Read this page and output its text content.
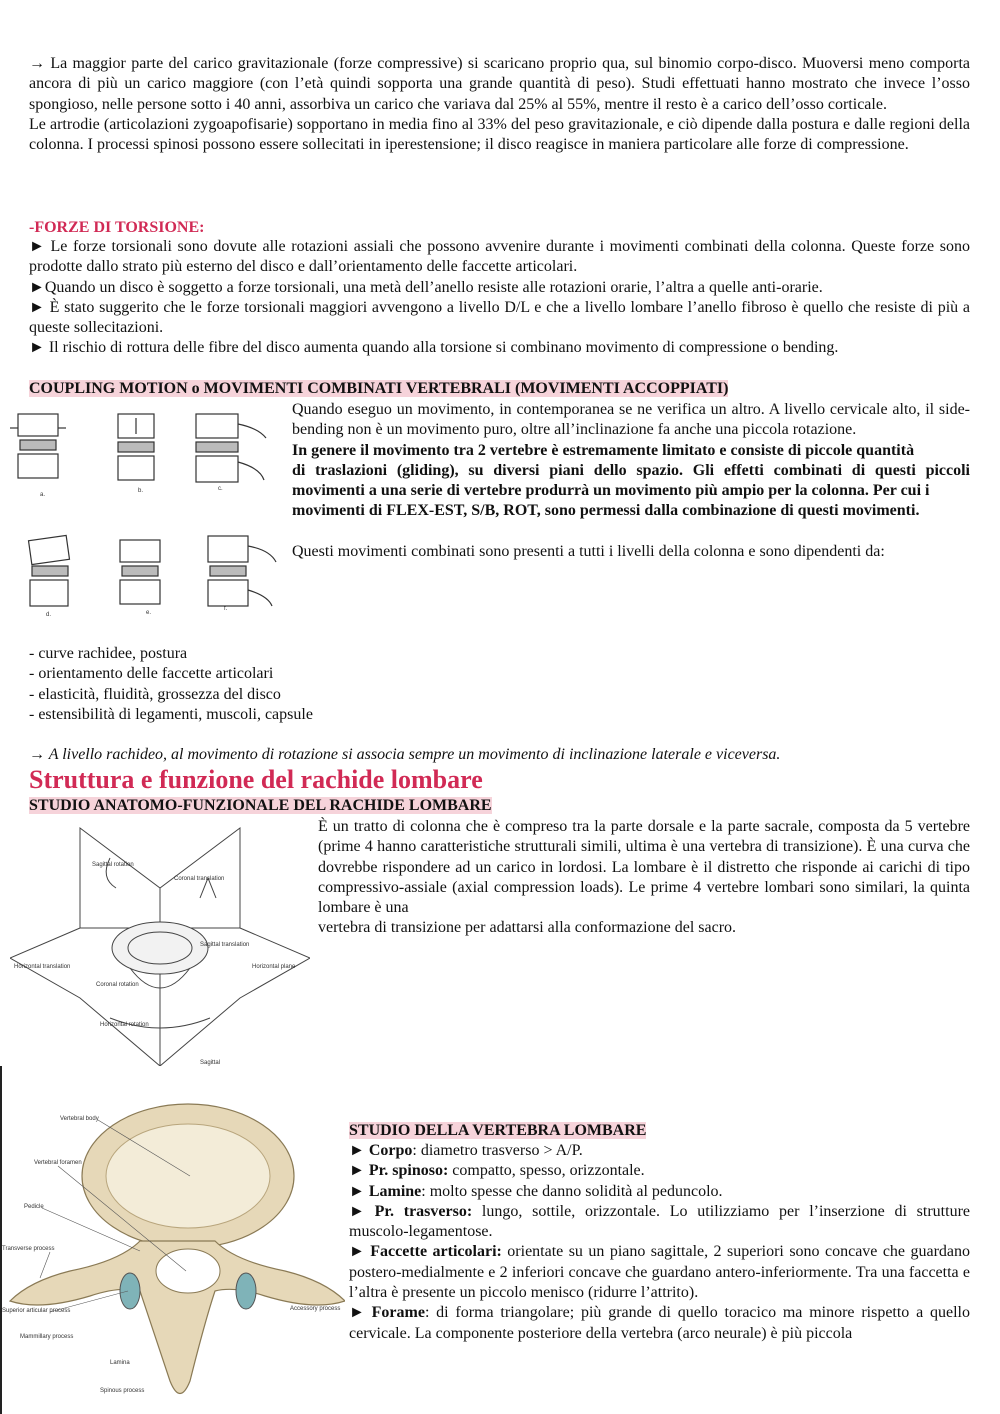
→ La maggior parte del carico gravitazionale (forze compressive) si scaricano proprio qua, sul binomio corpo-disco. Muoversi meno comporta ancora di più un carico maggiore (con l’età quindi sopporta una grande quantità di peso). Studi effettuati hanno mostrato che invece l’osso spongioso, nelle persone sotto i 40 anni, assorbiva un carico che variava dal 25% al 55%, mentre il resto è a carico dell’osso corticale.
Le artrodie (articolazioni zygoapofisarie) sopportano in media fino al 33% del peso gravitazionale, e ciò dipende dalla postura e dalle regioni della colonna. I processi spinosi possono essere sollecitati in iperestensione; il disco reagisce in maniera particolare alle forze di compressione.

-FORZE DI TORSIONE:

► Le forze torsionali sono dovute alle rotazioni assiali che possono avvenire durante i movimenti combinati della colonna. Queste forze sono prodotte dallo strato più esterno del disco e dall’orientamento delle faccette articolari.
►Quando un disco è soggetto a forze torsionali, una metà dell’anello resiste alle rotazioni orarie, l’altra a quelle anti-orarie.
► È stato suggerito che le forze torsionali maggiori avvengono a livello D/L e che a livello lombare l’anello fibroso è quello che resiste di più a queste sollecitazioni.
► Il rischio di rottura delle fibre del disco aumenta quando alla torsione si combinano movimento di compressione o bending.

COUPLING MOTION o MOVIMENTI COMBINATI VERTEBRALI (MOVIMENTI ACCOPPIATI)

a.
b.	c.
d.	e.
f.
Quando eseguo un movimento, in contemporanea se ne verifica un altro. A livello cervicale alto, il side-bending non è un movimento puro, oltre all’inclinazione fa anche una piccola rotazione.
In genere il movimento tra 2 vertebre è estremamente limitato e consiste di piccole quantità
di traslazioni (gliding), su diversi piani dello spazio. Gli effetti combinati di questi piccoli movimenti a una serie di vertebre produrrà un movimento più ampio per la colonna. Per cui i
movimenti di FLEX-EST, S/B, ROT, sono permessi dalla combinazione di questi movimenti.

Questi movimenti combinati sono presenti a tutti i livelli della colonna e sono dipendenti da:
- curve rachidee, postura
- orientamento delle faccette articolari
- elasticità, fluidità, grossezza del disco
- estensibilità di legamenti, muscoli, capsule

→ A livello rachideo, al movimento di rotazione si associa sempre un movimento di inclinazione laterale e viceversa.

Struttura e funzione del rachide lombare

STUDIO ANATOMO-FUNZIONALE DEL RACHIDE LOMBARE

Sagittal rotation
Coronal translation
Sagittal translation
Horizontal translation	Horizontal plane
Coronal rotation
Horizontal rotation
Sagittal
È un tratto di colonna che è compreso tra la parte dorsale e la parte sacrale, composta da 5 vertebre (prime 4 hanno caratteristiche strutturali simili, ultima è una vertebra di transizione). È una curva che dovrebbe rispondere ad un carico in lordosi. La lombare è il distretto che risponde ai carichi di tipo compressivo-assiale (axial compression loads). Le prime 4 vertebre lombari sono similari, la quinta lombare è una
vertebra di transizione per adattarsi alla conformazione del sacro.
Vertebral body
Vertebral foramen
Pedicle
Transverse process
Superior articular process
Mammillary process
Lamina
Spinous process
Accessory process

STUDIO DELLA VERTEBRA LOMBARE

► Corpo: diametro trasverso > A/P.
► Pr. spinoso: compatto, spesso, orizzontale.
► Lamine: molto spesse che danno solidità al peduncolo.
► Pr. trasverso: lungo, sottile, orizzontale. Lo utilizziamo per l’inserzione di strutture muscolo-legamentose.
► Faccette articolari: orientate su un piano sagittale, 2 superiori sono concave che guardano postero-medialmente e 2 inferiori concave che guardano antero-inferiormente. Tra una faccetta e l’altra è presente un piccolo menisco (ridurre l’attrito).
► Forame: di forma triangolare; più grande di quello toracico ma minore rispetto a quello cervicale. La componente posteriore della vertebra (arco neurale) è più piccola
